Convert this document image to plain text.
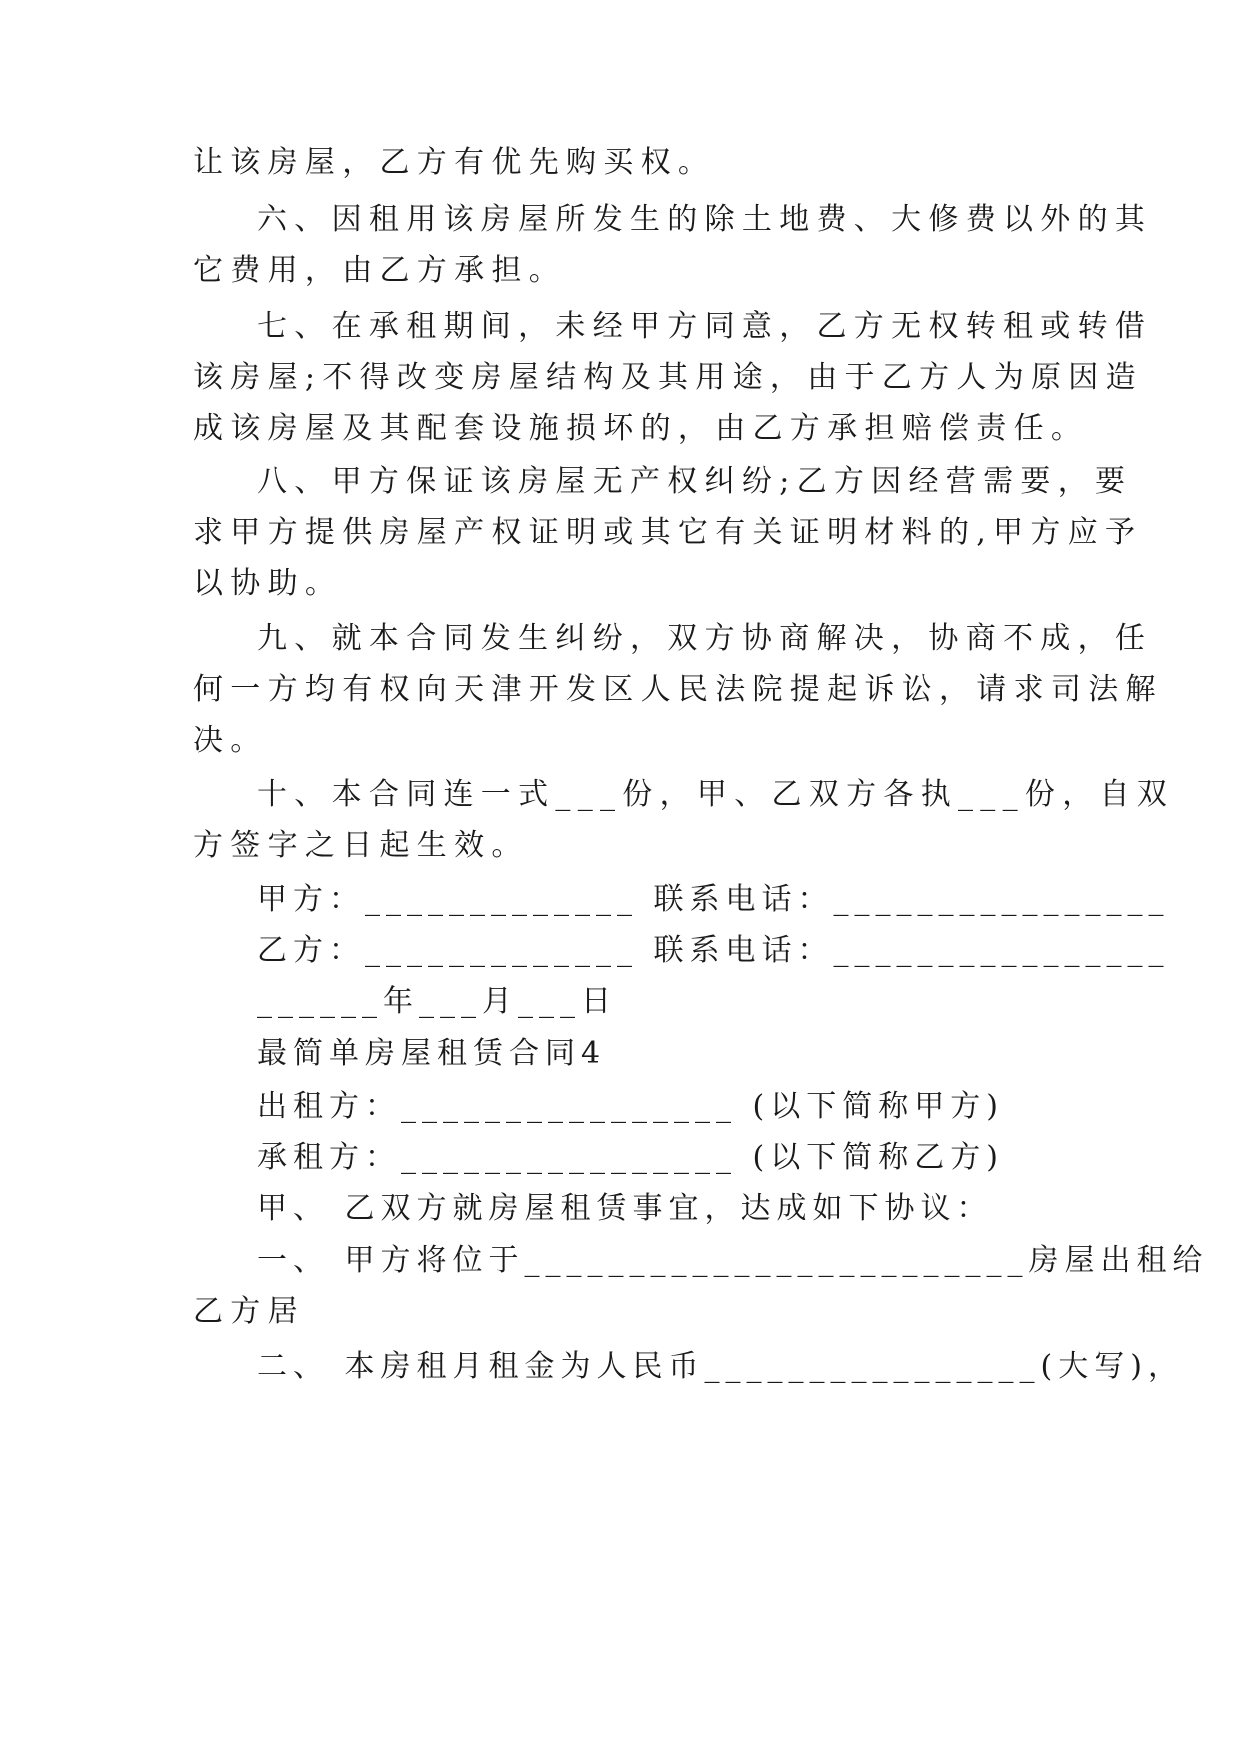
让该房屋，乙方有优先购买权。
六、因租用该房屋所发生的除土地费、大修费以外的其
它费用，由乙方承担。
七、在承租期间，未经甲方同意，乙方无权转租或转借
该房屋;不得改变房屋结构及其用途，由于乙方人为原因造
成该房屋及其配套设施损坏的，由乙方承担赔偿责任。
八、甲方保证该房屋无产权纠纷;乙方因经营需要，要
求甲方提供房屋产权证明或其它有关证明材料的,甲方应予
以协助。
九、就本合同发生纠纷，双方协商解决，协商不成，任
何一方均有权向天津开发区人民法院提起诉讼，请求司法解
决。
十、本合同连一式___份，甲、乙双方各执___份，自双
方签字之日起生效。
甲方：_____________ 联系电话：________________
乙方：_____________ 联系电话：________________
______年___月___日
最简单房屋租赁合同4
出租方：________________ (以下简称甲方)
承租方：________________ (以下简称乙方)
甲、 乙双方就房屋租赁事宜，达成如下协议：
一、 甲方将位于________________________房屋出租给
乙方居
二、 本房租月租金为人民币________________(大写)，
